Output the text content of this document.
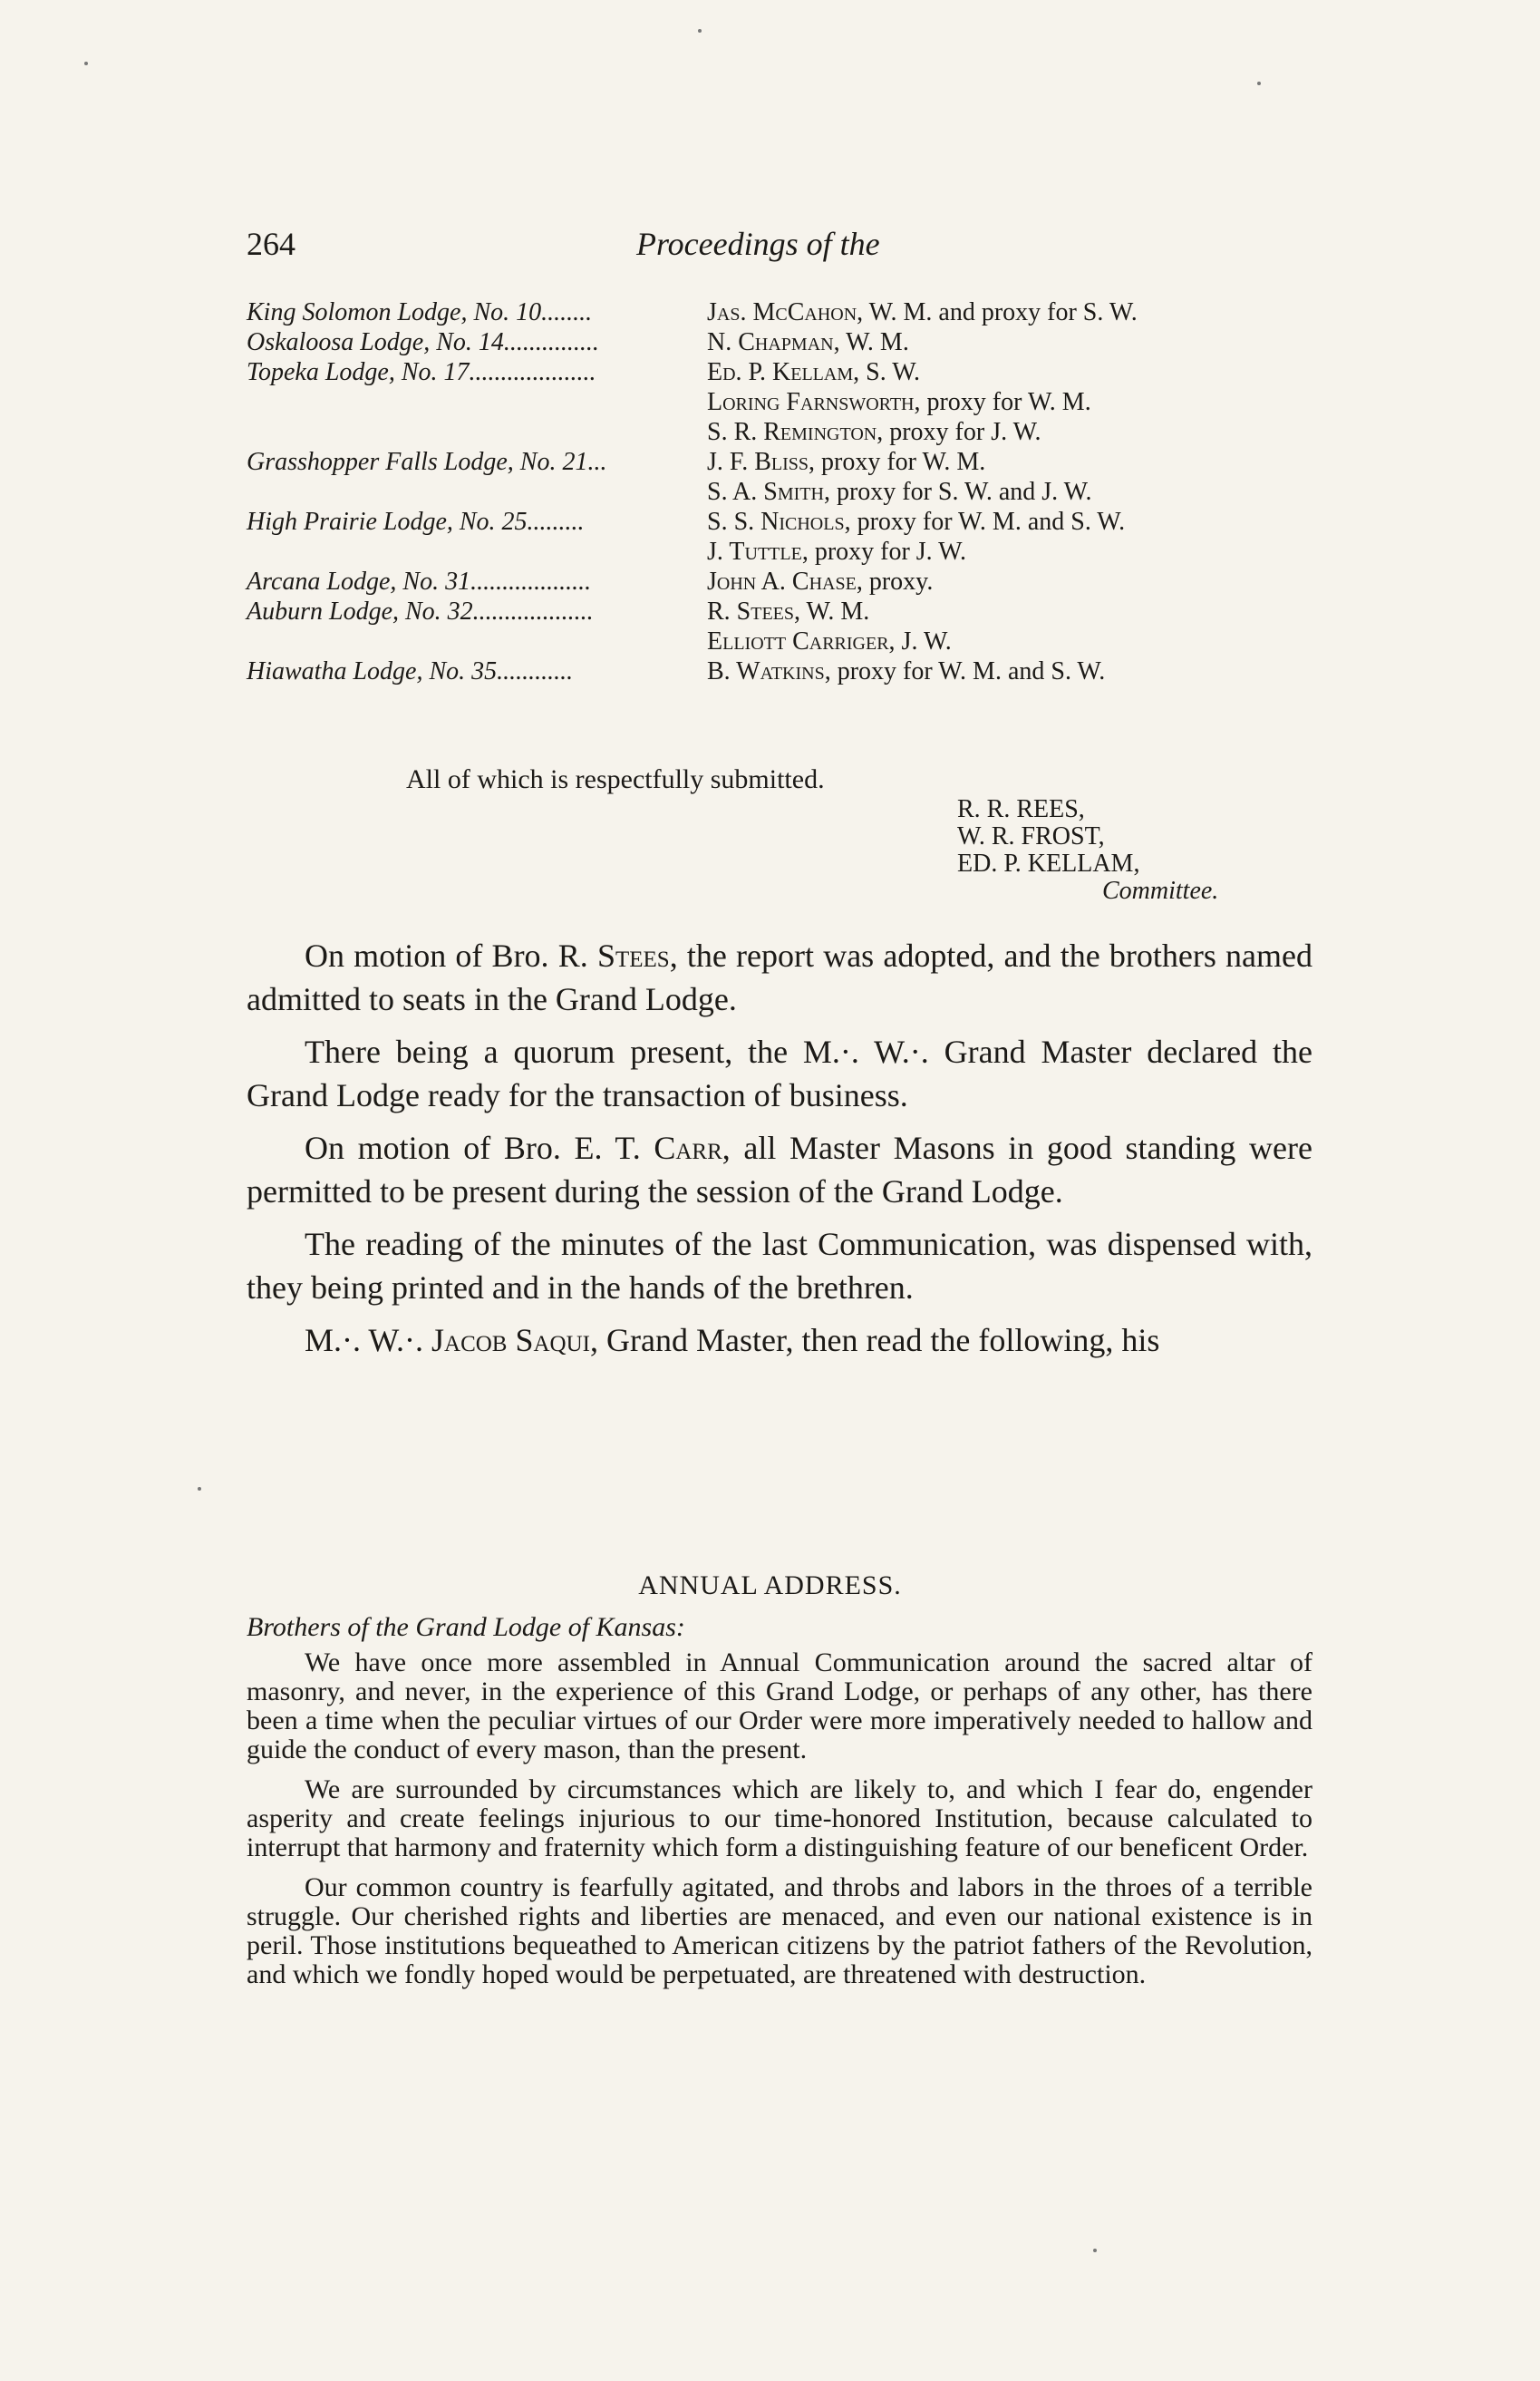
264	Proceedings of the
King Solomon Lodge, No. 10........	Jas. McCahon, W. M. and proxy for S. W.
Oskaloosa Lodge, No. 14...............	N. Chapman, W. M.
Topeka Lodge, No. 17....................	Ed. P. Kellam, S. W.
Loring Farnsworth, proxy for W. M.
S. R. Remington, proxy for J. W.
Grasshopper Falls Lodge, No. 21...	J. F. Bliss, proxy for W. M.
S. A. Smith, proxy for S. W. and J. W.
High Prairie Lodge, No. 25.........	S. S. Nichols, proxy for W. M. and S. W.
J. Tuttle, proxy for J. W.
Arcana Lodge, No. 31...................	John A. Chase, proxy.
Auburn Lodge, No. 32...................	R. Stees, W. M.
Elliott Carriger, J. W.
Hiawatha Lodge, No. 35............	B. Watkins, proxy for W. M. and S. W.
All of which is respectfully submitted.
R. R. REES,
W. R. FROST,
ED. P. KELLAM,
Committee.

On motion of Bro. R. Stees, the report was adopted, and the brothers named admitted to seats in the Grand Lodge.

There being a quorum present, the M.·. W.·. Grand Master declared the Grand Lodge ready for the transaction of business.

On motion of Bro. E. T. Carr, all Master Masons in good standing were permitted to be present during the session of the Grand Lodge.

The reading of the minutes of the last Communication, was dispensed with, they being printed and in the hands of the brethren.

M.·. W.·. Jacob Saqui, Grand Master, then read the following, his

ANNUAL ADDRESS.
Brothers of the Grand Lodge of Kansas:

We have once more assembled in Annual Communication around the sacred altar of masonry, and never, in the experience of this Grand Lodge, or perhaps of any other, has there been a time when the peculiar virtues of our Order were more imperatively needed to hallow and guide the conduct of every mason, than the present.

We are surrounded by circumstances which are likely to, and which I fear do, engender asperity and create feelings injurious to our time-honored Institution, because calculated to interrupt that harmony and fraternity which form a distinguishing feature of our beneficent Order.

Our common country is fearfully agitated, and throbs and labors in the throes of a terrible struggle. Our cherished rights and liberties are menaced, and even our national existence is in peril. Those institutions bequeathed to American citizens by the patriot fathers of the Revolution, and which we fondly hoped would be perpetuated, are threatened with destruction.
